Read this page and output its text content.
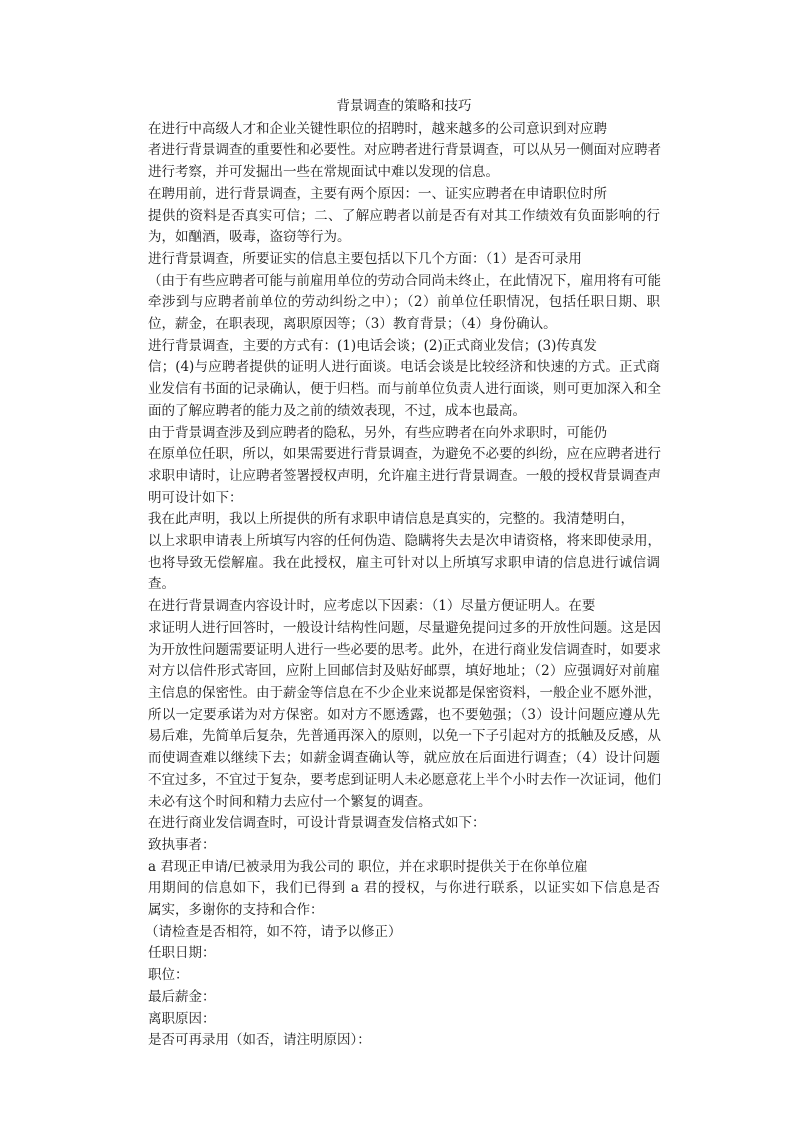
背景调查的策略和技巧
在进行中高级人才和企业关键性职位的招聘时，越来越多的公司意识到对应聘
者进行背景调查的重要性和必要性。对应聘者进行背景调查，可以从另一侧面对应聘者
进行考察，并可发掘出一些在常规面试中难以发现的信息。
在聘用前，进行背景调查，主要有两个原因：一、证实应聘者在申请职位时所
提供的资料是否真实可信；二、了解应聘者以前是否有对其工作绩效有负面影响的行
为，如酗酒，吸毒，盗窃等行为。
进行背景调查，所要证实的信息主要包括以下几个方面：（1）是否可录用
（由于有些应聘者可能与前雇用单位的劳动合同尚未终止，在此情况下，雇用将有可能
牵涉到与应聘者前单位的劳动纠纷之中）；（2）前单位任职情况，包括任职日期、职
位，薪金，在职表现，离职原因等；（3）教育背景；（4）身份确认。
进行背景调查，主要的方式有：(1)电话会谈；(2)正式商业发信；(3)传真发
信；(4)与应聘者提供的证明人进行面谈。电话会谈是比较经济和快速的方式。正式商
业发信有书面的记录确认，便于归档。而与前单位负责人进行面谈，则可更加深入和全
面的了解应聘者的能力及之前的绩效表现，不过，成本也最高。
由于背景调查涉及到应聘者的隐私，另外，有些应聘者在向外求职时，可能仍
在原单位任职，所以，如果需要进行背景调查，为避免不必要的纠纷，应在应聘者进行
求职申请时，让应聘者签署授权声明，允许雇主进行背景调查。一般的授权背景调查声
明可设计如下：
我在此声明，我以上所提供的所有求职申请信息是真实的，完整的。我清楚明白，
以上求职申请表上所填写内容的任何伪造、隐瞒将失去是次申请资格，将来即使录用，
也将导致无偿解雇。我在此授权，雇主可针对以上所填写求职申请的信息进行诚信调
查。
在进行背景调查内容设计时，应考虑以下因素：（1）尽量方便证明人。在要
求证明人进行回答时，一般设计结构性问题，尽量避免提问过多的开放性问题。这是因
为开放性问题需要证明人进行一些必要的思考。此外，在进行商业发信调查时，如要求
对方以信件形式寄回，应附上回邮信封及贴好邮票，填好地址；（2）应强调好对前雇
主信息的保密性。由于薪金等信息在不少企业来说都是保密资料，一般企业不愿外泄，
所以一定要承诺为对方保密。如对方不愿透露，也不要勉强；（3）设计问题应遵从先
易后难，先简单后复杂，先普通再深入的原则，以免一下子引起对方的抵触及反感，从
而使调查难以继续下去；如薪金调查确认等，就应放在后面进行调查；（4）设计问题
不宜过多，不宜过于复杂，要考虑到证明人未必愿意花上半个小时去作一次证词，他们
未必有这个时间和精力去应付一个繁复的调查。
在进行商业发信调查时，可设计背景调查发信格式如下：
致执事者：
a 君现正申请/已被录用为我公司的 职位，并在求职时提供关于在你单位雇
用期间的信息如下，我们已得到 a 君的授权，与你进行联系，以证实如下信息是否
属实，多谢你的支持和合作：
（请检查是否相符，如不符，请予以修正）
任职日期：
职位：
最后薪金：
离职原因：
是否可再录用（如否，请注明原因）：
